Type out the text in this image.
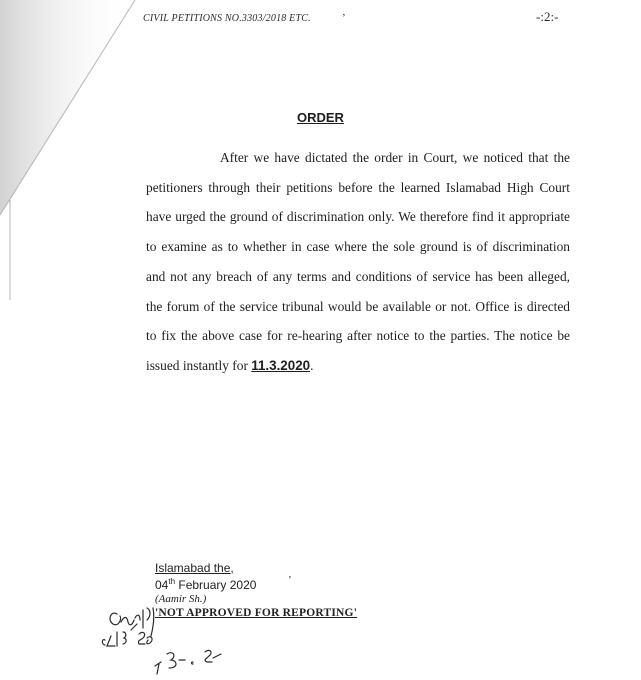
CIVIL PETITIONS NO.3303/2018 ETC.	-:2:-
ORDER

After we have dictated the order in Court, we noticed that the petitioners through their petitions before the learned Islamabad High Court have urged the ground of discrimination only. We therefore find it appropriate to examine as to whether in case where the sole ground is of discrimination and not any breach of any terms and conditions of service has been alleged, the forum of the service tribunal would be available or not. Office is directed to fix the above case for re-hearing after notice to the parties. The notice be issued instantly for 11.3.2020.

Islamabad the,
04th February 2020
(Aamir Sh.)
'NOT APPROVED FOR REPORTING'
’
’
